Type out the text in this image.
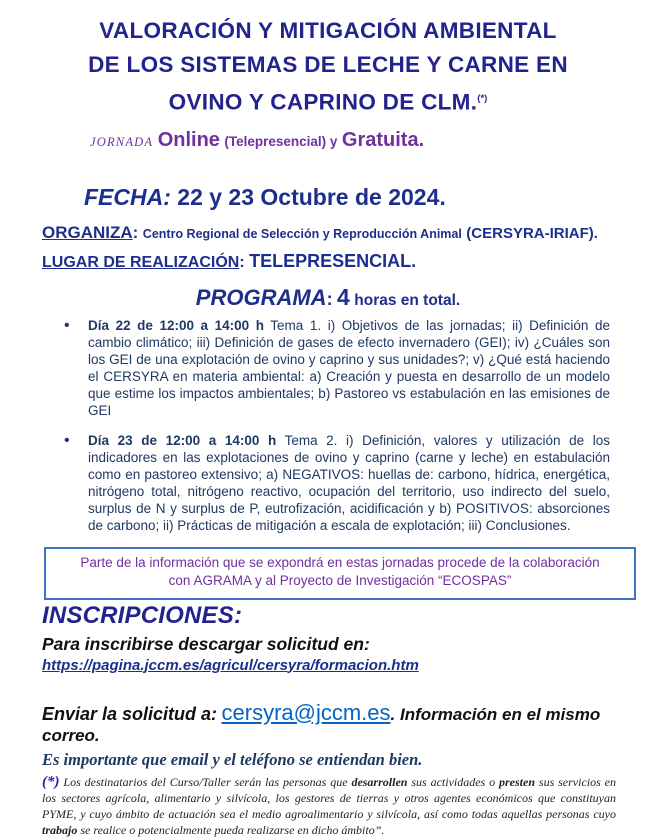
VALORACIÓN Y MITIGACIÓN AMBIENTAL
DE LOS SISTEMAS DE LECHE Y CARNE EN
OVINO Y CAPRINO DE CLM.(*)

JORNADA Online (Telepresencial) y Gratuita.

FECHA: 22 y 23 Octubre de 2024.

ORGANIZA: Centro Regional de Selección y Reproducción Animal (CERSYRA-IRIAF).

LUGAR DE REALIZACIÓN: TELEPRESENCIAL.

PROGRAMA: 4 horas en total.

• Día 22 de 12:00 a 14:00 h Tema 1. i) Objetivos de las jornadas; ii) Definición de cambio climático; iii) Definición de gases de efecto invernadero (GEI); iv) ¿Cuáles son los GEI de una explotación de ovino y caprino y sus unidades?; v) ¿Qué está haciendo el CERSYRA en materia ambiental: a) Creación y puesta en desarrollo de un modelo que estime los impactos ambientales; b) Pastoreo vs estabulación en las emisiones de GEI
• Día 23 de 12:00 a 14:00 h Tema 2. i) Definición, valores y utilización de los indicadores en las explotaciones de ovino y caprino (carne y leche) en estabulación como en pastoreo extensivo; a) NEGATIVOS: huellas de: carbono, hídrica, energética, nitrógeno total, nitrógeno reactivo, ocupación del territorio, uso indirecto del suelo, surplus de N y surplus de P, eutrofización, acidificación y b) POSITIVOS: absorciones de carbono; ii) Prácticas de mitigación a escala de explotación; iii) Conclusiones.
Parte de la información que se expondrá en estas jornadas procede de la colaboración
con AGRAMA y al Proyecto de Investigación “ECOSPAS”
INSCRIPCIONES:

Para inscribirse descargar solicitud en:

https://pagina.jccm.es/agricul/cersyra/formacion.htm

Enviar la solicitud a: cersyra@jccm.es. Información en el mismo correo.

Es importante que email y el teléfono se entiendan bien.

(*) Los destinatarios del Curso/Taller serán las personas que desarrollen sus actividades o presten sus servicios en los sectores agrícola, alimentario y silvícola, los gestores de tierras y otros agentes económicos que constituyan PYME, y cuyo ámbito de actuación sea el medio agroalimentario y silvícola, así como todas aquellas personas cuyo trabajo se realice o potencialmente pueda realizarse en dicho ámbito”.
